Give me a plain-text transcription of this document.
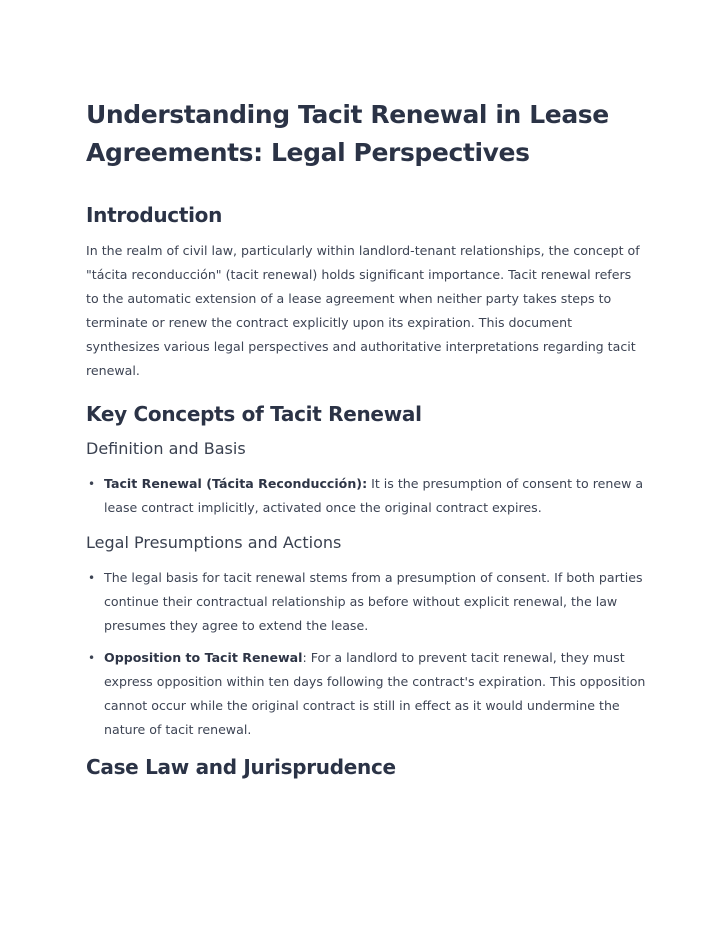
Understanding Tacit Renewal in Lease Agreements: Legal Perspectives
Introduction

In the realm of civil law, particularly within landlord-tenant relationships, the concept of "tácita reconducción" (tacit renewal) holds significant importance. Tacit renewal refers to the automatic extension of a lease agreement when neither party takes steps to terminate or renew the contract explicitly upon its expiration. This document synthesizes various legal perspectives and authoritative interpretations regarding tacit renewal.

Key Concepts of Tacit Renewal
Definition and Basis
• Tacit Renewal (Tácita Reconducción): It is the presumption of consent to renew a lease contract implicitly, activated once the original contract expires.
Legal Presumptions and Actions
• The legal basis for tacit renewal stems from a presumption of consent. If both parties continue their contractual relationship as before without explicit renewal, the law presumes they agree to extend the lease.
• Opposition to Tacit Renewal: For a landlord to prevent tacit renewal, they must express opposition within ten days following the contract's expiration. This opposition cannot occur while the original contract is still in effect as it would undermine the nature of tacit renewal.
Case Law and Jurisprudence
